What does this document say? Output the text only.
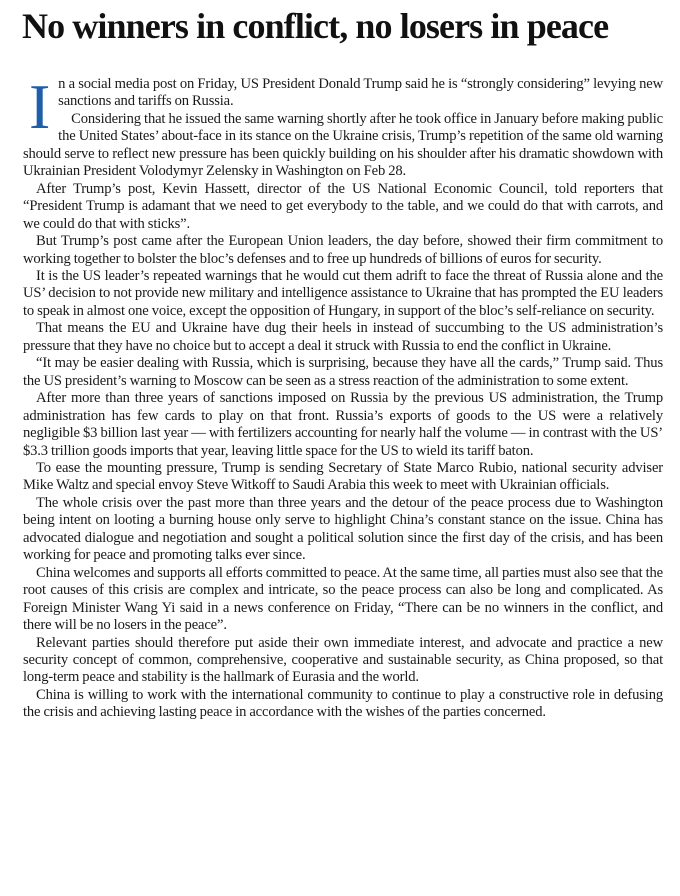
No winners in conflict, no losers in peace

In a social media post on Friday, US President Donald Trump said he is “strongly considering” levying new sanctions and tariffs on Russia.

Considering that he issued the same warning shortly after he took office in January before making public the United States’ about-face in its stance on the Ukraine crisis, Trump’s repetition of the same old warning should serve to reflect new pressure has been quickly building on his shoulder after his dramatic showdown with Ukrainian President Volodymyr Zelensky in Washington on Feb 28.

After Trump’s post, Kevin Hassett, director of the US National Economic Council, told reporters that “President Trump is adamant that we need to get everybody to the table, and we could do that with carrots, and we could do that with sticks”.

But Trump’s post came after the European Union leaders, the day before, showed their firm commitment to working together to bolster the bloc’s defenses and to free up hundreds of billions of euros for security.

It is the US leader’s repeated warnings that he would cut them adrift to face the threat of Russia alone and the US’ decision to not provide new military and intelligence assistance to Ukraine that has prompted the EU leaders to speak in almost one voice, except the opposition of Hungary, in support of the bloc’s self-reliance on security.

That means the EU and Ukraine have dug their heels in instead of succumbing to the US administration’s pressure that they have no choice but to accept a deal it struck with Russia to end the conflict in Ukraine.

“It may be easier dealing with Russia, which is surprising, because they have all the cards,” Trump said. Thus the US president’s warning to Moscow can be seen as a stress reaction of the administration to some extent.

After more than three years of sanctions imposed on Russia by the previous US administration, the Trump administration has few cards to play on that front. Russia’s exports of goods to the US were a relatively negligible $3 billion last year — with fertilizers accounting for nearly half the volume — in contrast with the US’ $3.3 trillion goods imports that year, leaving little space for the US to wield its tariff baton.

To ease the mounting pressure, Trump is sending Secretary of State Marco Rubio, national security adviser Mike Waltz and special envoy Steve Witkoff to Saudi Arabia this week to meet with Ukrainian officials.

The whole crisis over the past more than three years and the detour of the peace process due to Washington being intent on looting a burning house only serve to highlight China’s constant stance on the issue. China has advocated dialogue and negotiation and sought a political solution since the first day of the crisis, and has been working for peace and promoting talks ever since.

China welcomes and supports all efforts committed to peace. At the same time, all parties must also see that the root causes of this crisis are complex and intricate, so the peace process can also be long and complicated. As Foreign Minister Wang Yi said in a news conference on Friday, “There can be no winners in the conflict, and there will be no losers in the peace”.

Relevant parties should therefore put aside their own immediate interest, and advocate and practice a new security concept of common, comprehensive, cooperative and sustainable security, as China proposed, so that long-term peace and stability is the hallmark of Eurasia and the world.

China is willing to work with the international community to continue to play a constructive role in defusing the crisis and achieving lasting peace in accordance with the wishes of the parties concerned.
